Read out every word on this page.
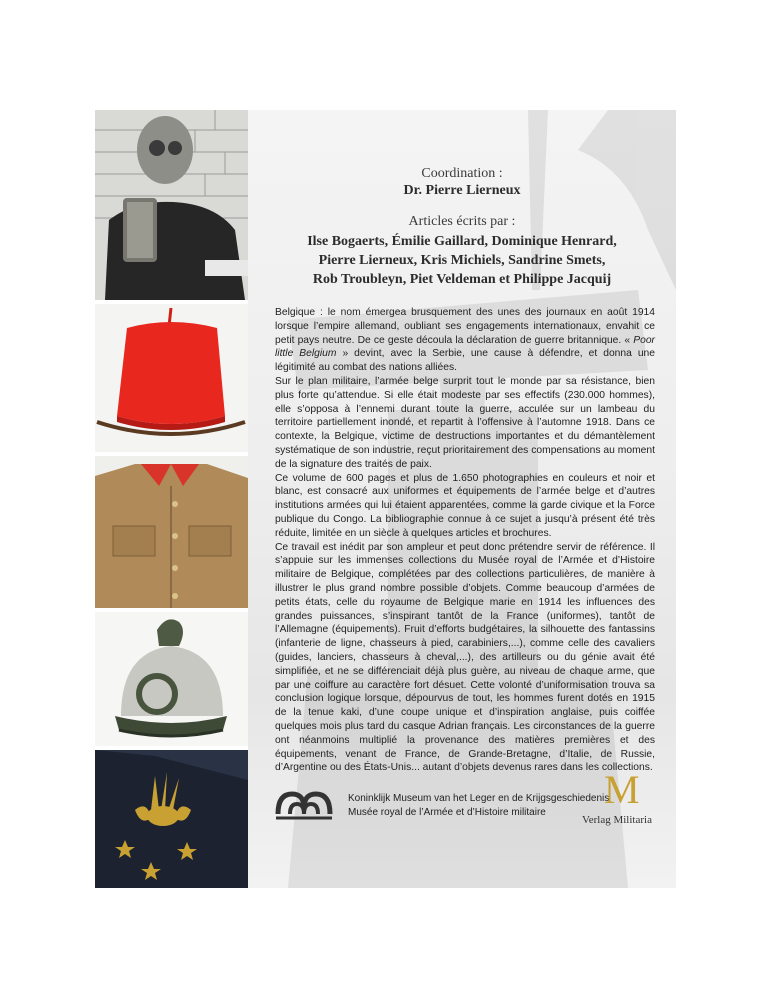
Coordination :
Dr. Pierre Lierneux
Articles écrits par :
Ilse Bogaerts, Émilie Gaillard, Dominique Henrard,
Pierre Lierneux, Kris Michiels, Sandrine Smets,
Rob Troubleyn, Piet Veldeman et Philippe Jacquij

Belgique : le nom émergea brusquement des unes des journaux en août 1914 lorsque l’empire allemand, oubliant ses engagements internationaux, envahit ce petit pays neutre. De ce geste découla la déclaration de guerre britannique. « Poor little Belgium » devint, avec la Serbie, une cause à défendre, et donna une légitimité au combat des nations alliées.

Sur le plan militaire, l’armée belge surprit tout le monde par sa résistance, bien plus forte qu’attendue. Si elle était modeste par ses effectifs (230.000 hommes), elle s’opposa à l’ennemi durant toute la guerre, acculée sur un lambeau du territoire partiellement inondé, et repartit à l’offensive à l’automne 1918. Dans ce contexte, la Belgique, victime de destructions importantes et du démantèlement systématique de son industrie, reçut prioritairement des compensations au moment de la signature des traités de paix.

Ce volume de 600 pages et plus de 1.650 photographies en couleurs et noir et blanc, est consacré aux uniformes et équipements de l’armée belge et d’autres institutions armées qui lui étaient apparentées, comme la garde civique et la Force publique du Congo. La bibliographie connue à ce sujet a jusqu’à présent été très réduite, limitée en un siècle à quelques articles et brochures.

Ce travail est inédit par son ampleur et peut donc prétendre servir de référence. Il s’appuie sur les immenses collections du Musée royal de l’Armée et d’Histoire militaire de Belgique, complétées par des collections particulières, de manière à illustrer le plus grand nombre possible d’objets. Comme beaucoup d’armées de petits états, celle du royaume de Belgique marie en 1914 les influences des grandes puissances, s’inspirant tantôt de la France (uniformes), tantôt de l’Allemagne (équipements). Fruit d’efforts budgétaires, la silhouette des fantassins (infanterie de ligne, chasseurs à pied, carabiniers,...), comme celle des cavaliers (guides, lanciers, chasseurs à cheval,...), des artilleurs ou du génie avait été simplifiée, et ne se différenciait déjà plus guère, au niveau de chaque arme, que par une coiffure au caractère fort désuet. Cette volonté d’uniformisation trouva sa conclusion logique lorsque, dépourvus de tout, les hommes furent dotés en 1915 de la tenue kaki, d’une coupe unique et d’inspiration anglaise, puis coiffée quelques mois plus tard du casque Adrian français. Les circonstances de la guerre ont néanmoins multiplié la provenance des matières premières et des équipements, venant de France, de Grande-Bretagne, d’Italie, de Russie, d’Argentine ou des États-Unis... autant d’objets devenus rares dans les collections.

Koninklijk Museum van het Leger en de Krijgsgeschiedenis
Musée royal de l’Armée et d’Histoire militaire
M
Verlag Militaria
